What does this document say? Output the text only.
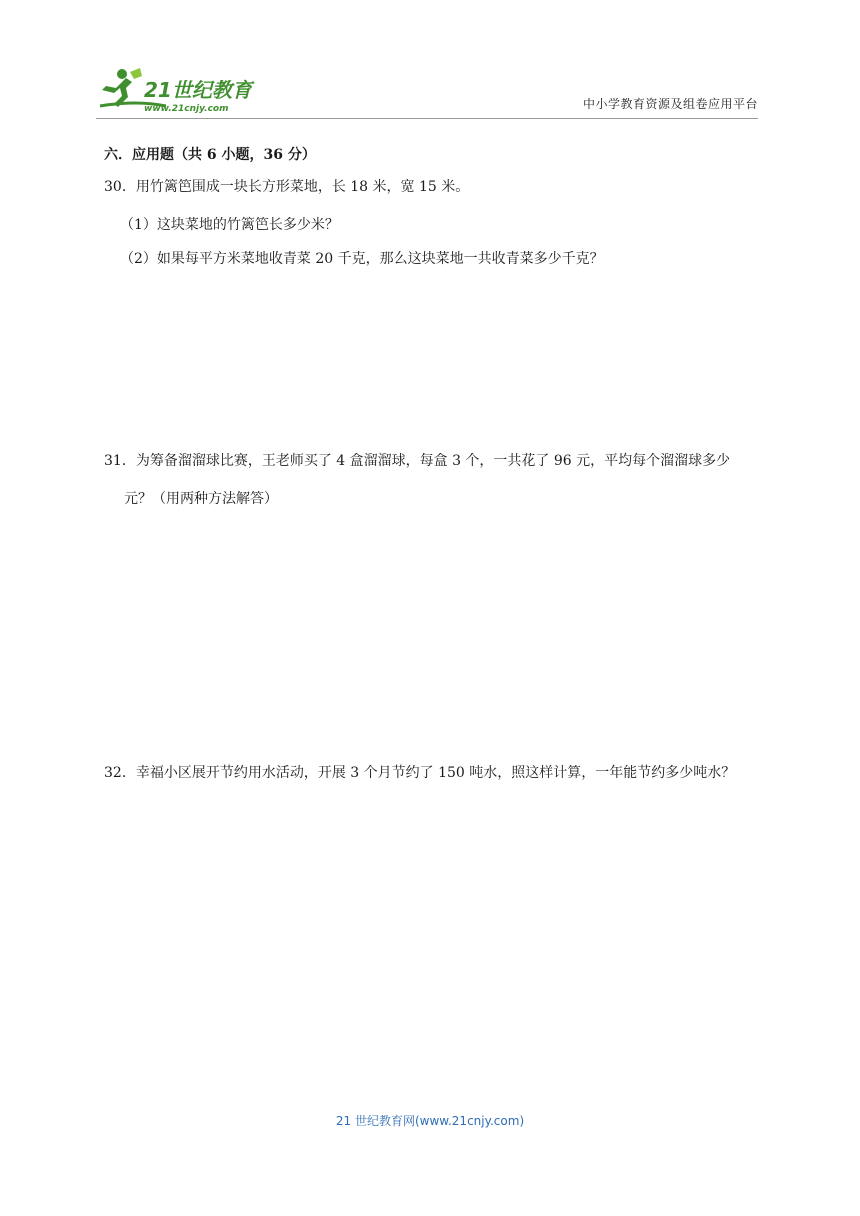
21世纪教育
www.21cnjy.com	中小学教育资源及组卷应用平台
六．应用题（共 6 小题，36 分）
30．用竹篱笆围成一块长方形菜地，长 18 米，宽 15 米。
（1）这块菜地的竹篱笆长多少米？
（2）如果每平方米菜地收青菜 20 千克，那么这块菜地一共收青菜多少千克？
31．为筹备溜溜球比赛，王老师买了 4 盒溜溜球，每盒 3 个，一共花了 96 元，平均每个溜溜球多少
元？（用两种方法解答）
32．幸福小区展开节约用水活动，开展 3 个月节约了 150 吨水，照这样计算，一年能节约多少吨水？
21 世纪教育网(www.21cnjy.com)
